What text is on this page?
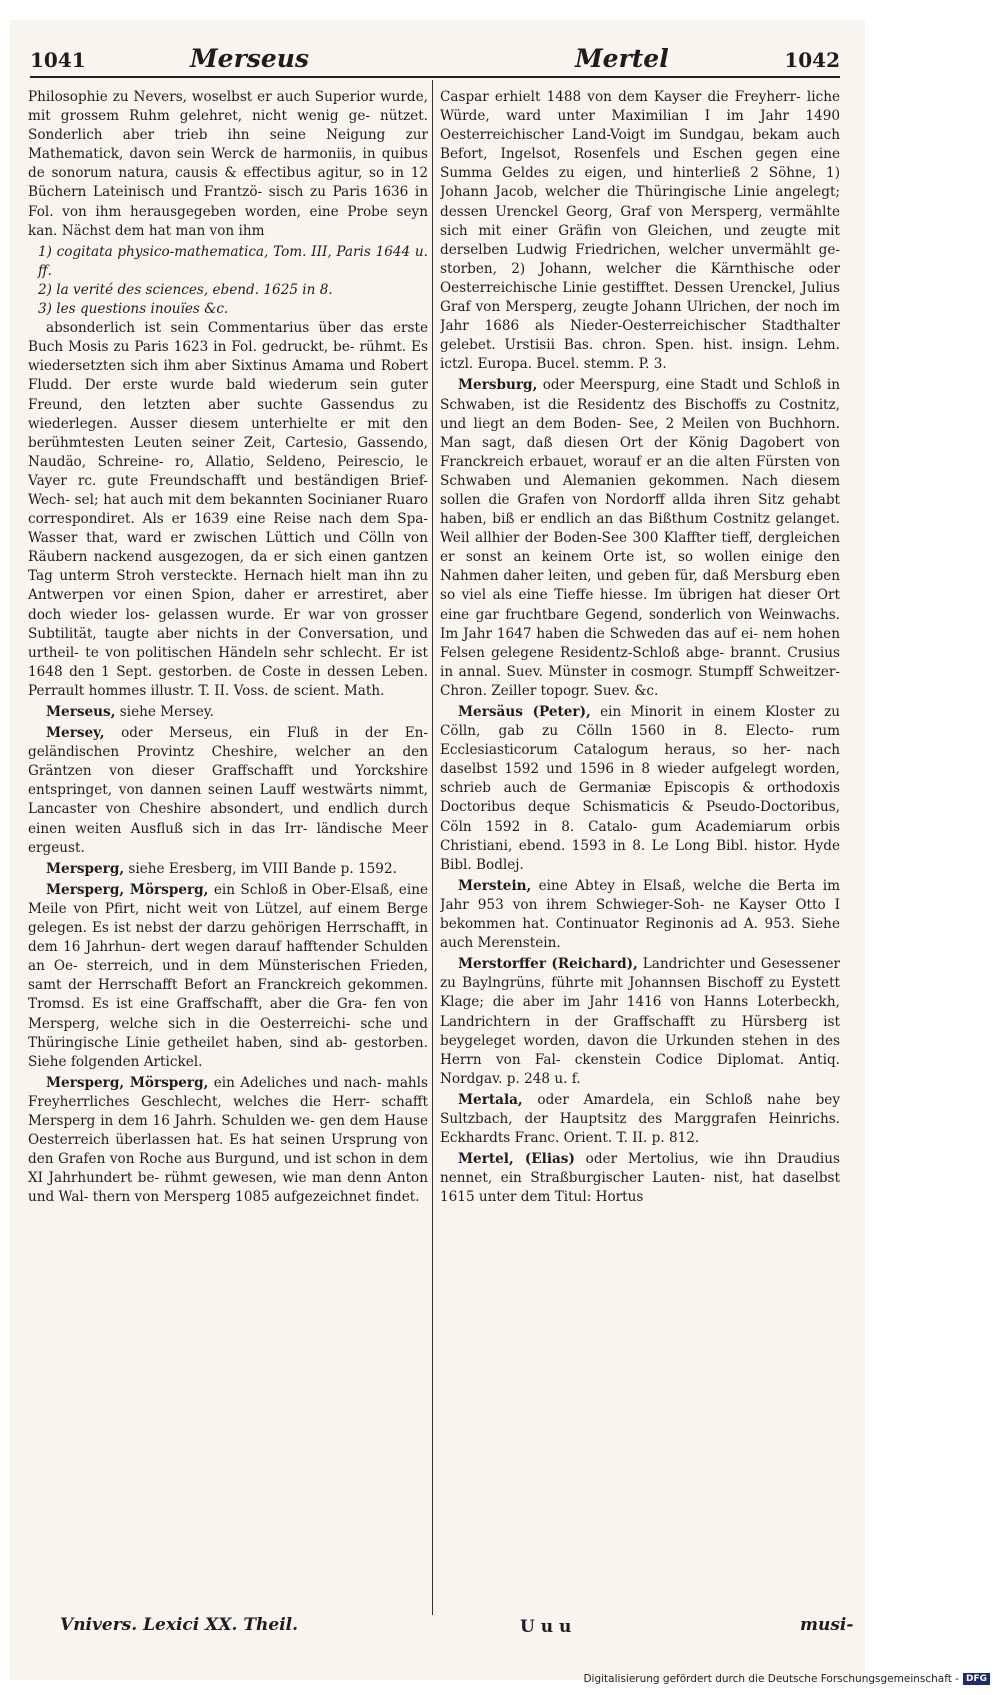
1041	Merseus	Mertel	1042

Philosophie zu Nevers, woselbst er auch Superior wurde, mit grossem Ruhm gelehret, nicht wenig ge- nützet. Sonderlich aber trieb ihn seine Neigung zur Mathematick, davon sein Werck de harmoniis, in quibus de sonorum natura, causis & effectibus agitur, so in 12 Büchern Lateinisch und Frantzö- sisch zu Paris 1636 in Fol. von ihm herausgegeben worden, eine Probe seyn kan. Nächst dem hat man von ihm

1) cogitata physico-mathematica, Tom. III, Paris 1644 u. ff.
2) la verité des sciences, ebend. 1625 in 8.
3) les questions inouïes &c.

absonderlich ist sein Commentarius über das erste Buch Mosis zu Paris 1623 in Fol. gedruckt, be- rühmt. Es wiedersetzten sich ihm aber Sixtinus Amama und Robert Fludd. Der erste wurde bald wiederum sein guter Freund, den letzten aber suchte Gassendus zu wiederlegen. Ausser diesem unterhielte er mit den berühmtesten Leuten seiner Zeit, Cartesio, Gassendo, Naudäo, Schreine- ro, Allatio, Seldeno, Peirescio, le Vayer rc. gute Freundschafft und beständigen Brief-Wech- sel; hat auch mit dem bekannten Socinianer Ruaro correspondiret. Als er 1639 eine Reise nach dem Spa-Wasser that, ward er zwischen Lüttich und Cölln von Räubern nackend ausgezogen, da er sich einen gantzen Tag unterm Stroh versteckte. Hernach hielt man ihn zu Antwerpen vor einen Spion, daher er arrestiret, aber doch wieder los- gelassen wurde. Er war von grosser Subtilität, taugte aber nichts in der Conversation, und urtheil- te von politischen Händeln sehr schlecht. Er ist 1648 den 1 Sept. gestorben. de Coste in dessen Leben. Perrault hommes illustr. T. II. Voss. de scient. Math.

Merseus, siehe Mersey.

Mersey, oder Merseus, ein Fluß in der En- geländischen Provintz Cheshire, welcher an den Gräntzen von dieser Graffschafft und Yorckshire entspringet, von dannen seinen Lauff westwärts nimmt, Lancaster von Cheshire absondert, und endlich durch einen weiten Ausfluß sich in das Irr- ländische Meer ergeust.

Mersperg, siehe Eresberg, im VIII Bande p. 1592.

Mersperg, Mörsperg, ein Schloß in Ober-Elsaß, eine Meile von Pfirt, nicht weit von Lützel, auf einem Berge gelegen. Es ist nebst der darzu gehörigen Herrschafft, in dem 16 Jahrhun- dert wegen darauf hafftender Schulden an Oe- sterreich, und in dem Münsterischen Frieden, samt der Herrschafft Befort an Franckreich gekommen. Tromsd. Es ist eine Graffschafft, aber die Gra- fen von Mersperg, welche sich in die Oesterreichi- sche und Thüringische Linie getheilet haben, sind ab- gestorben. Siehe folgenden Artickel.

Mersperg, Mörsperg, ein Adeliches und nach- mahls Freyherrliches Geschlecht, welches die Herr- schafft Mersperg in dem 16 Jahrh. Schulden we- gen dem Hause Oesterreich überlassen hat. Es hat seinen Ursprung von den Grafen von Roche aus Burgund, und ist schon in dem XI Jahrhundert be- rühmt gewesen, wie man denn Anton und Wal- thern von Mersperg 1085 aufgezeichnet findet.

Caspar erhielt 1488 von dem Kayser die Freyherr- liche Würde, ward unter Maximilian I im Jahr 1490 Oesterreichischer Land-Voigt im Sundgau, bekam auch Befort, Ingelsot, Rosenfels und Eschen gegen eine Summa Geldes zu eigen, und hinterließ 2 Söhne, 1) Johann Jacob, welcher die Thüringische Linie angelegt; dessen Urenckel Georg, Graf von Mersperg, vermählte sich mit einer Gräfin von Gleichen, und zeugte mit derselben Ludwig Friedrichen, welcher unvermählt ge- storben, 2) Johann, welcher die Kärnthische oder Oesterreichische Linie gestifftet. Dessen Urenckel, Julius Graf von Mersperg, zeugte Johann Ulrichen, der noch im Jahr 1686 als Nieder-Oesterreichischer Stadthalter gelebet. Urstisii Bas. chron. Spen. hist. insign. Lehm. ictzl. Europa. Bucel. stemm. P. 3.

Mersburg, oder Meerspurg, eine Stadt und Schloß in Schwaben, ist die Residentz des Bischoffs zu Costnitz, und liegt an dem Boden- See, 2 Meilen von Buchhorn. Man sagt, daß diesen Ort der König Dagobert von Franckreich erbauet, worauf er an die alten Fürsten von Schwaben und Alemanien gekommen. Nach diesem sollen die Grafen von Nordorff allda ihren Sitz gehabt haben, biß er endlich an das Bißthum Costnitz gelanget. Weil allhier der Boden-See 300 Klaffter tieff, dergleichen er sonst an keinem Orte ist, so wollen einige den Nahmen daher leiten, und geben für, daß Mersburg eben so viel als eine Tieffe hiesse. Im übrigen hat dieser Ort eine gar fruchtbare Gegend, sonderlich von Weinwachs. Im Jahr 1647 haben die Schweden das auf ei- nem hohen Felsen gelegene Residentz-Schloß abge- brannt. Crusius in annal. Suev. Münster in cosmogr. Stumpff Schweitzer-Chron. Zeiller topogr. Suev. &c.

Mersäus (Peter), ein Minorit in einem Kloster zu Cölln, gab zu Cölln 1560 in 8. Electo- rum Ecclesiasticorum Catalogum heraus, so her- nach daselbst 1592 und 1596 in 8 wieder aufgelegt worden, schrieb auch de Germaniæ Episcopis & orthodoxis Doctoribus deque Schismaticis & Pseudo-Doctoribus, Cöln 1592 in 8. Catalo- gum Academiarum orbis Christiani, ebend. 1593 in 8. Le Long Bibl. histor. Hyde Bibl. Bodlej.

Merstein, eine Abtey in Elsaß, welche die Berta im Jahr 953 von ihrem Schwieger-Soh- ne Kayser Otto I bekommen hat. Continuator Reginonis ad A. 953. Siehe auch Merenstein.

Merstorffer (Reichard), Landrichter und Gesessener zu Baylngrüns, führte mit Johannsen Bischoff zu Eystett Klage; die aber im Jahr 1416 von Hanns Loterbeckh, Landrichtern in der Graffschafft zu Hürsberg ist beygeleget worden, davon die Urkunden stehen in des Herrn von Fal- ckenstein Codice Diplomat. Antiq. Nordgav. p. 248 u. f.

Mertala, oder Amardela, ein Schloß nahe bey Sultzbach, der Hauptsitz des Marggrafen Heinrichs. Eckhardts Franc. Orient. T. II. p. 812.

Mertel, (Elias) oder Mertolius, wie ihn Draudius nennet, ein Straßburgischer Lauten- nist, hat daselbst 1615 unter dem Titul: Hortus

Vnivers. Lexici XX. Theil.	U u u	musi-
Digitalisierung gefördert durch die Deutsche Forschungsgemeinschaft - DFG
